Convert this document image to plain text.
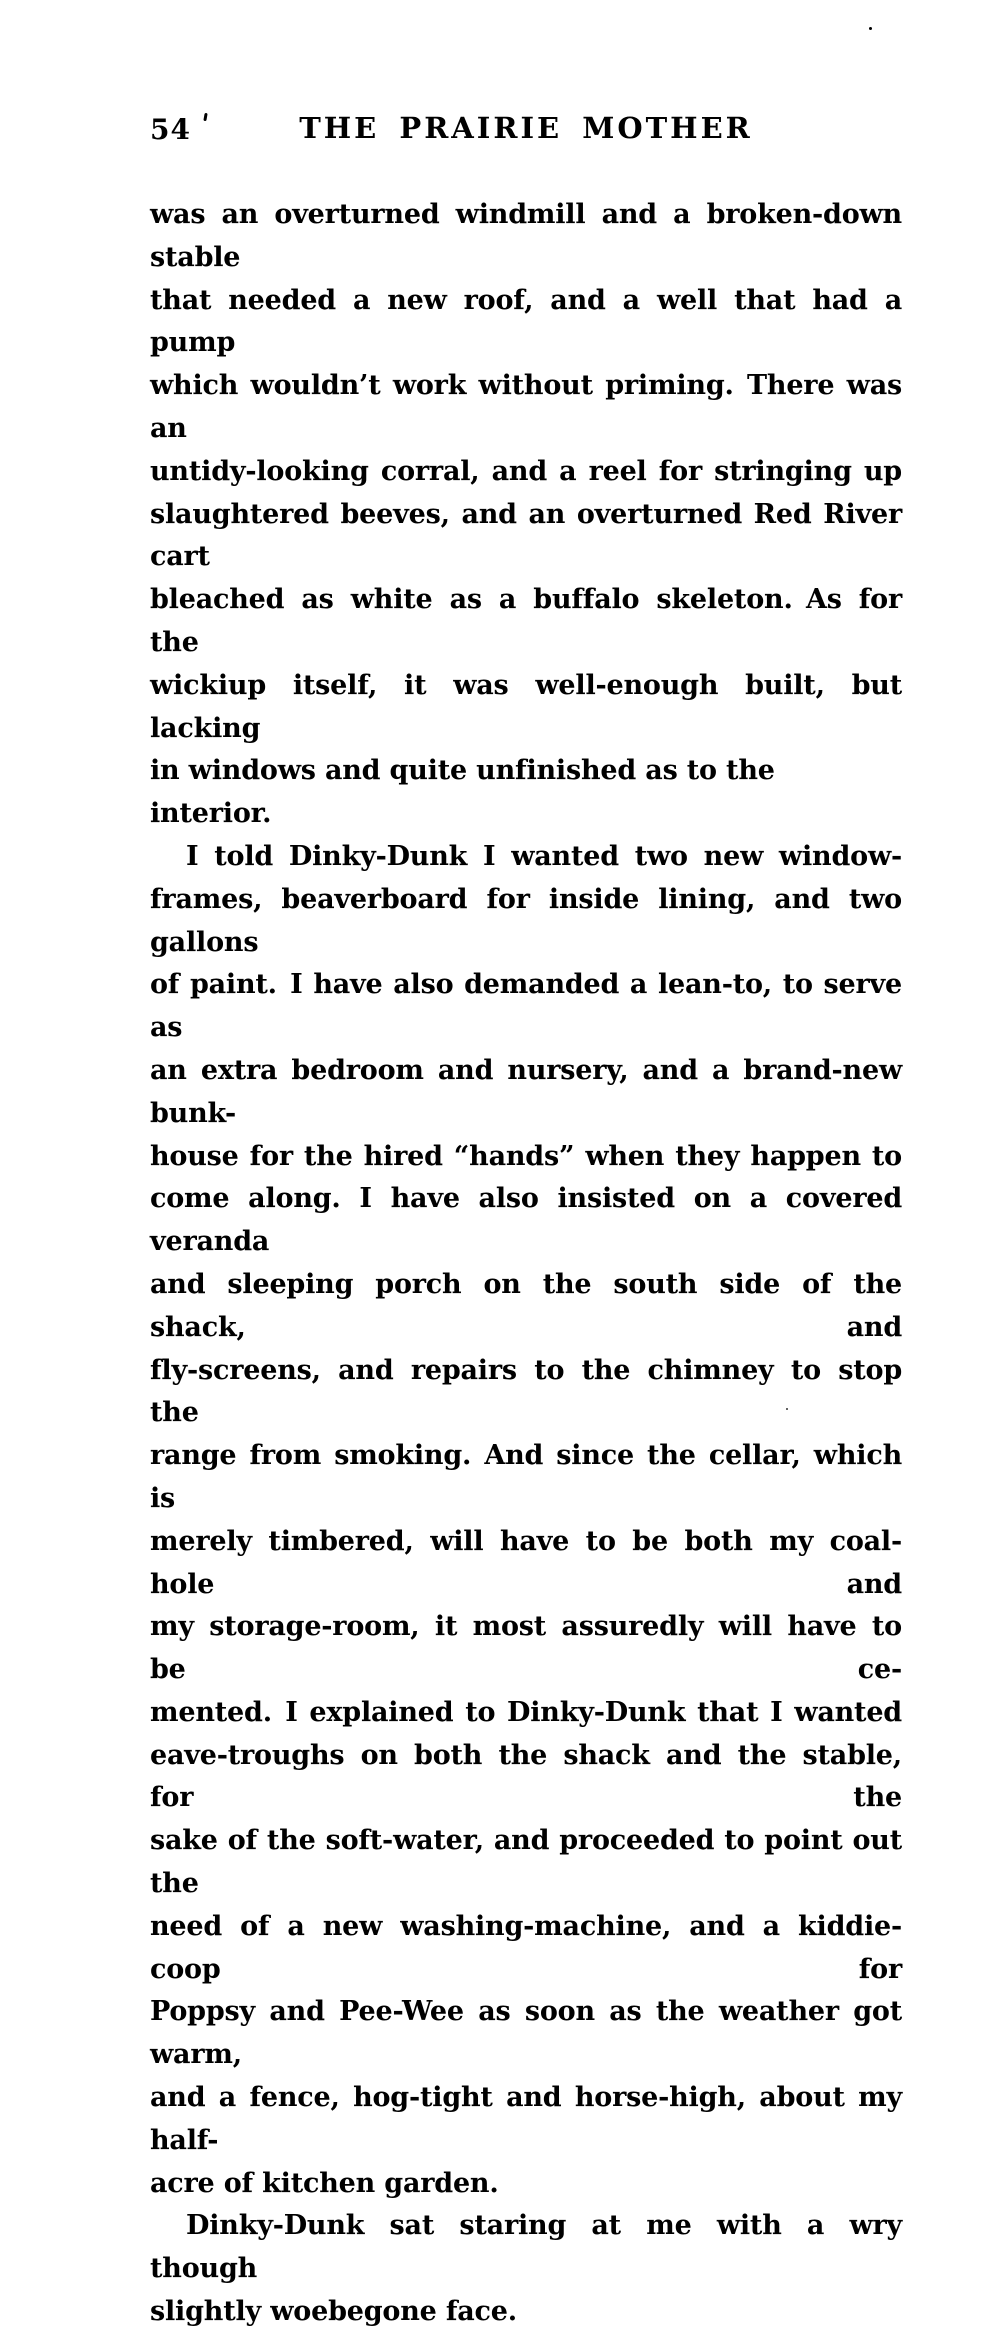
54	THE PRAIRIE MOTHER
was an overturned windmill and a broken-down stable
that needed a new roof, and a well that had a pump
which wouldn’t work without priming. There was an
untidy-looking corral, and a reel for stringing up
slaughtered beeves, and an overturned Red River cart
bleached as white as a buffalo skeleton. As for the
wickiup itself, it was well-enough built, but lacking
in windows and quite unfinished as to the interior.
I told Dinky-Dunk I wanted two new window-
frames, beaverboard for inside lining, and two gallons
of paint. I have also demanded a lean-to, to serve as
an extra bedroom and nursery, and a brand-new bunk-
house for the hired “hands” when they happen to
come along. I have also insisted on a covered veranda
and sleeping porch on the south side of the shack, and
fly-screens, and repairs to the chimney to stop the
range from smoking. And since the cellar, which is
merely timbered, will have to be both my coal-hole and
my storage-room, it most assuredly will have to be ce-
mented. I explained to Dinky-Dunk that I wanted
eave-troughs on both the shack and the stable, for the
sake of the soft-water, and proceeded to point out the
need of a new washing-machine, and a kiddie-coop for
Poppsy and Pee-Wee as soon as the weather got warm,
and a fence, hog-tight and horse-high, about my half-
acre of kitchen garden.
Dinky-Dunk sat staring at me with a wry though
slightly woebegone face.
